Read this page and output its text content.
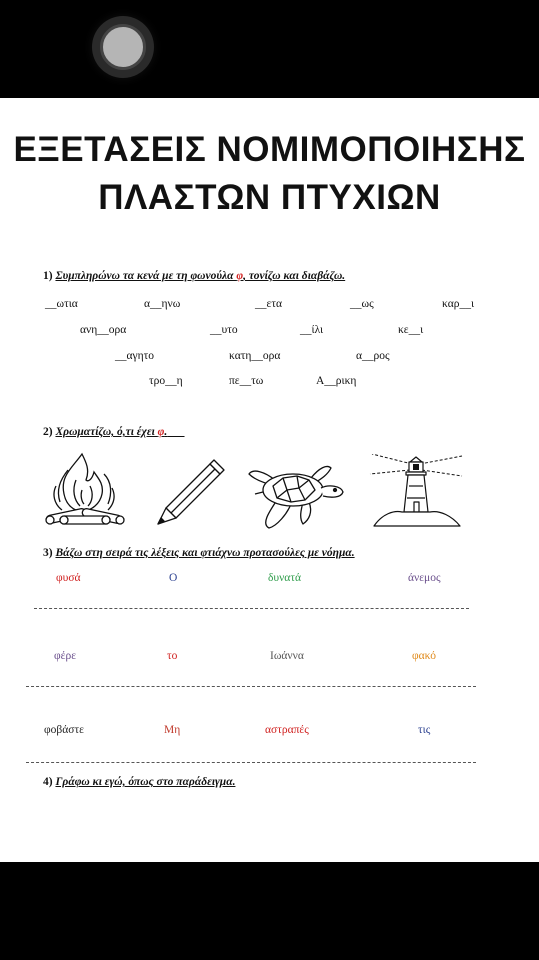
ΕΞΕΤΑΣΕΙΣ ΝΟΜΙΜΟΠΟΙΗΣΗΣ
ΠΛΑΣΤΩΝ ΠΤΥΧΙΩΝ
1) Συμπληρώνω τα κενά με τη φωνούλα φ, τονίζω και διαβάζω.
__ωτια	α__ηνω	__ετα	__ως	καρ__ι
ανη__ορα	__υτο	__ίλι	κε__ι
__αγητο	κατη__ορα	α__ρος
τρο__η	πε__τω	Α__ρικη
2) Χρωματίζω, ό,τι έχει φ.
3) Βάζω στη σειρά τις λέξεις και φτιάχνω προτασούλες με νόημα.
φυσά	Ο	δυνατά	άνεμος
φέρε	το	Ιωάννα	φακό
φοβάστε	Μη	αστραπές	τις
4) Γράφω κι εγώ, όπως στο παράδειγμα.
